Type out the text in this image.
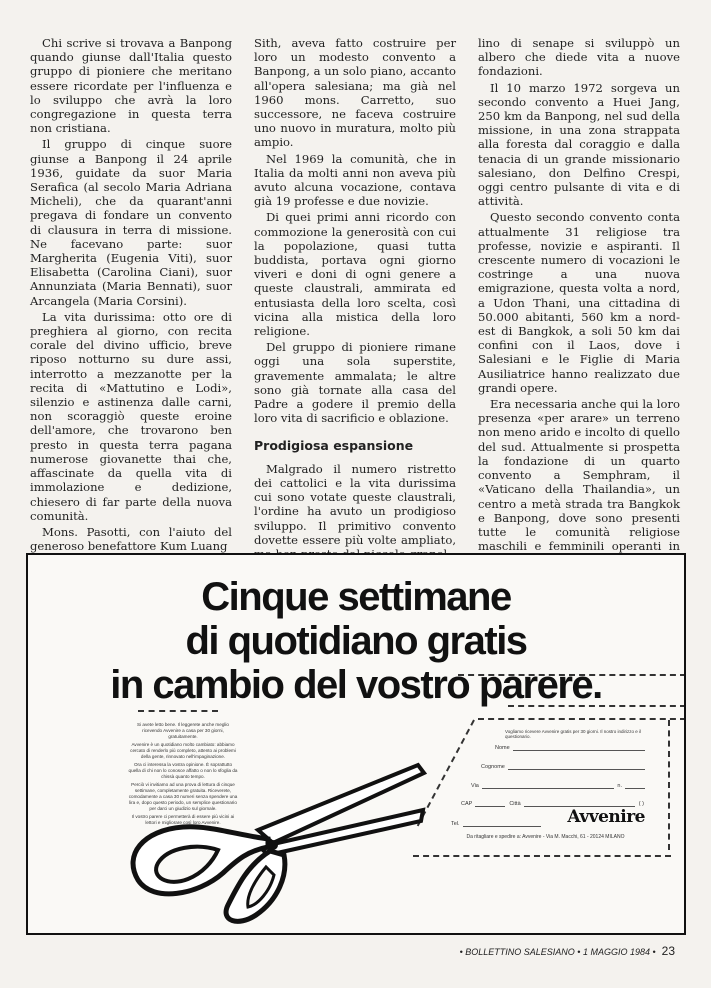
Chi scrive si trovava a Banpong quando giunse dall'Italia questo gruppo di pioniere che meritano essere ricordate per l'influenza e lo sviluppo che avrà la loro congregazione in questa terra non cristiana.

Il gruppo di cinque suore giunse a Banpong il 24 aprile 1936, guidate da suor Maria Serafica (al secolo Maria Adriana Micheli), che da quarant'anni pregava di fondare un convento di clausura in terra di missione. Ne facevano parte: suor Margherita (Eugenia Viti), suor Elisabetta (Carolina Ciani), suor Annunziata (Maria Bennati), suor Arcangela (Maria Corsini).

La vita durissima: otto ore di preghiera al giorno, con recita corale del divino ufficio, breve riposo notturno su dure assi, interrotto a mezzanotte per la recita di «Mattutino e Lodi», silenzio e astinenza dalle carni, non scoraggiò queste eroine dell'amore, che trovarono ben presto in questa terra pagana numerose giovanette thai che, affascinate da quella vita di immolazione e dedizione, chiesero di far parte della nuova comunità.

Mons. Pasotti, con l'aiuto del generoso benefattore Kum Luang

Sith, aveva fatto costruire per loro un modesto convento a Banpong, a un solo piano, accanto all'opera salesiana; ma già nel 1960 mons. Carretto, suo successore, ne faceva costruire uno nuovo in muratura, molto più ampio.

Nel 1969 la comunità, che in Italia da molti anni non aveva più avuto alcuna vocazione, contava già 19 professe e due novizie.

Di quei primi anni ricordo con commozione la generosità con cui la popolazione, quasi tutta buddista, portava ogni giorno viveri e doni di ogni genere a queste claustrali, ammirata ed entusiasta della loro scelta, così vicina alla mistica della loro religione.

Del gruppo di pioniere rimane oggi una sola superstite, gravemente ammalata; le altre sono già tornate alla casa del Padre a godere il premio della loro vita di sacrificio e oblazione.

Prodigiosa espansione

Malgrado il numero ristretto dei cattolici e la vita durissima cui sono votate queste claustrali, l'ordine ha avuto un prodigioso sviluppo. Il primitivo convento dovette essere più volte ampliato,

lino di senape si sviluppò un albero che diede vita a nuove fondazioni.

Il 10 marzo 1972 sorgeva un secondo convento a Huei Jang, 250 km da Banpong, nel sud della missione, in una zona strappata alla foresta dal coraggio e dalla tenacia di un grande missionario salesiano, don Delfino Crespi, oggi centro pulsante di vita e di attività.

Questo secondo convento conta attualmente 31 religiose tra professe, novizie e aspiranti. Il crescente numero di vocazioni le costringe a una nuova emigrazione, questa volta a nord, a Udon Thani, una cittadina di 50.000 abitanti, 560 km a nord-est di Bangkok, a soli 50 km dai confini con il Laos, dove i Salesiani e le Figlie di Maria Ausiliatrice hanno realizzato due grandi opere.

Era necessaria anche qui la loro presenza «per arare» un terreno non meno arido e incolto di quello del sud. Attualmente si prospetta la fondazione di un quarto convento a Semphram, il «Vaticano della Thailandia», un centro a metà strada tra Bangkok e Banpong, dove sono presenti tutte le comunità religiose maschili e femminili operanti in

Cinque settimane
di quotidiano gratis
in cambio del vostro parere.

Si avete letto bene. Il leggerete anche meglio ricevendo Avvenire a casa per 30 giorni, gratuitamente.

Avvenire è un quotidiano molto cambiato: abbiamo cercato di renderlo più completo, attento ai problemi della gente, rinnovato nell'impaginazione.

Ora ci interessa la vostra opinione. È soprattutto quella di chi non lo conosce affatto o non lo sfoglia da chissà quanto tempo.

Perciò vi invitiamo ad una prova di lettura di cinque settimane, completamente gratuita. Riceverete, comodamente a casa 30 numeri senza spendere una lira e, dopo questo periodo, un semplice questionario per darci un giudizio sul giornale.

Il vostro parere ci permetterà di essere più vicini ai lettori e migliorare così loro Avvenire.

Vogliamo ricevere Avvenire gratis per 30 giorni. Il nostro indirizzo e il questionario.
Nome
Cognome
Via	n.
CAP	Città	( )
Tel.	Avvenire
Da ritagliare e spedire a: Avvenire - Via M. Macchi, 61 - 20124 MILANO
• BOLLETTINO SALESIANO • 1 MAGGIO 1984 • 23
